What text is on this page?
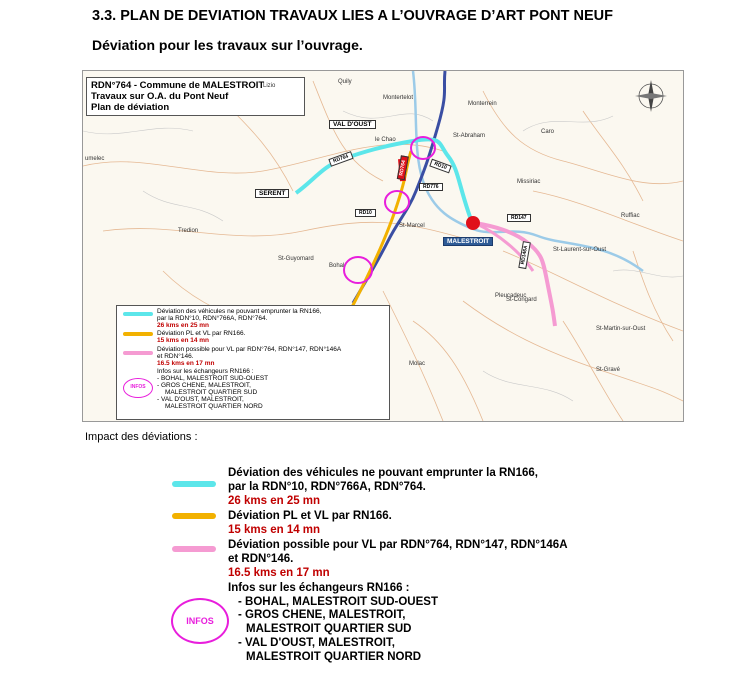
3.3. PLAN DE DEVIATION TRAVAUX LIES A L’OUVRAGE D’ART PONT NEUF
Déviation pour les travaux sur l’ouvrage.
RDN°764 - Commune de MALESTROIT
Travaux sur O.A. du Pont Neuf
Plan de déviation
Quily
Montertelot
Monterrein
St-Abraham
Caro
Missiriac
Ruffiac
St-Laurent-sur-Oust
St-Marcel
Tredion
St-Guyomard
Pleucadeuc
St-Congard
St-Martin-sur-Oust
St-Gravé
Molac
Lizio
umelec
le Chao
Bohal
VAL D'OUST
SERENT
MALESTROIT
RD764
RD10
RD776
RD10
RD764
RD147
RD146A
Déviation des véhicules ne pouvant emprunter la RN166,
par la RDN°10, RDN°766A, RDN°764.
26 kms en 25 mn
Déviation PL et VL par RN166.
15 kms en 14 mn
Déviation possible pour VL par RDN°764, RDN°147, RDN°146A
et RDN°146.
16.5 kms en 17 mn
Infos sur les échangeurs RN166 :
- BOHAL, MALESTROIT SUD-OUEST
- GROS CHENE, MALESTROIT,
MALESTROIT QUARTIER SUD
- VAL D'OUST, MALESTROIT,
MALESTROIT QUARTIER NORD
INFOS
Impact des déviations :
Déviation des véhicules ne pouvant emprunter la RN166,
par la RDN°10, RDN°766A, RDN°764.
26 kms en 25 mn
Déviation PL et VL par RN166.
15 kms en 14 mn
Déviation possible pour VL par RDN°764, RDN°147, RDN°146A
et RDN°146.
16.5 kms en 17 mn
Infos sur les échangeurs RN166 :
- BOHAL, MALESTROIT SUD-OUEST
- GROS CHENE, MALESTROIT,
MALESTROIT QUARTIER SUD
- VAL D'OUST, MALESTROIT,
MALESTROIT QUARTIER NORD
INFOS
